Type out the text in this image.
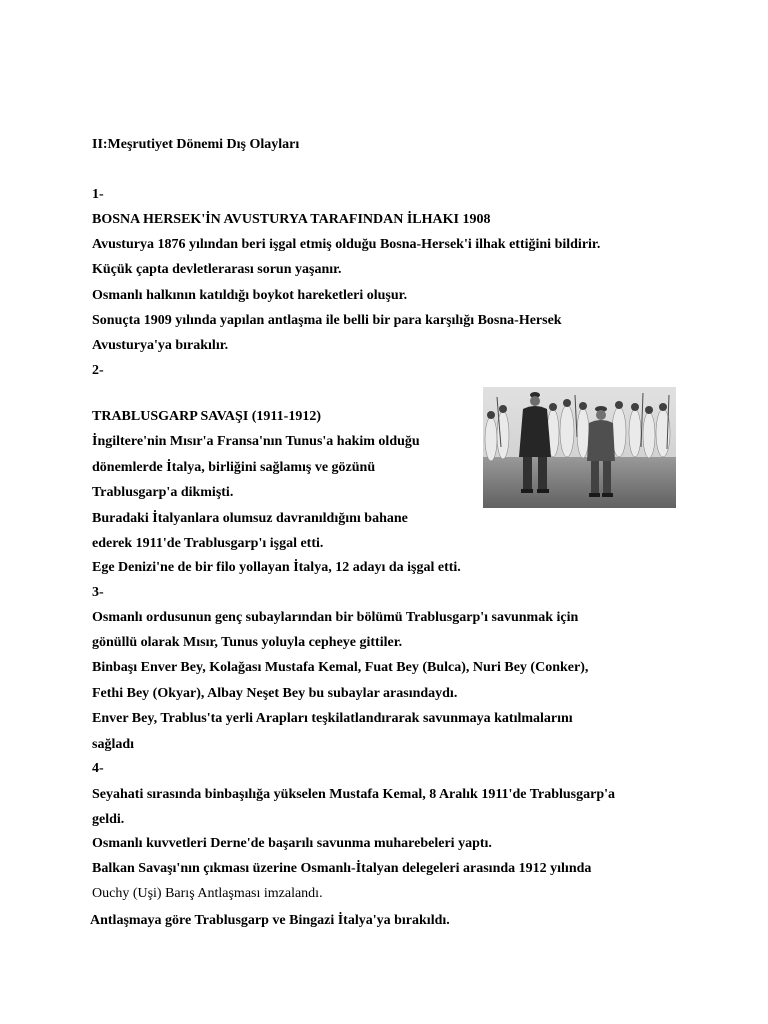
II:Meşrutiyet Dönemi Dış Olayları
1-
BOSNA HERSEK'İN AVUSTURYA TARAFINDAN İLHAKI 1908
Avusturya 1876 yılından beri işgal etmiş olduğu Bosna-Hersek'i ilhak ettiğini bildirir.
Küçük çapta devletlerarası sorun yaşanır.
Osmanlı halkının katıldığı boykot hareketleri oluşur.
Sonuçta 1909 yılında yapılan antlaşma ile belli bir para karşılığı Bosna-Hersek
Avusturya'ya bırakılır.
2-
TRABLUSGARP SAVAŞI (1911-1912)
İngiltere'nin Mısır'a Fransa'nın Tunus'a hakim olduğu
dönemlerde İtalya, birliğini sağlamış ve gözünü
Trablusgarp'a dikmişti.
Buradaki İtalyanlara olumsuz davranıldığını bahane
ederek 1911'de Trablusgarp'ı işgal etti.
Ege Denizi'ne de bir filo yollayan İtalya, 12 adayı da işgal etti.
3-
Osmanlı ordusunun genç subaylarından bir bölümü Trablusgarp'ı savunmak için
gönüllü olarak Mısır, Tunus yoluyla cepheye gittiler.
Binbaşı Enver Bey, Kolağası Mustafa Kemal, Fuat Bey (Bulca), Nuri Bey (Conker),
Fethi Bey (Okyar), Albay Neşet Bey bu subaylar arasındaydı.
Enver Bey, Trablus'ta yerli Arapları teşkilatlandırarak savunmaya katılmalarını
sağladı
4-
Seyahati sırasında binbaşılığa yükselen Mustafa Kemal, 8 Aralık 1911'de Trablusgarp'a
geldi.
Osmanlı kuvvetleri Derne'de başarılı savunma muharebeleri yaptı.
Balkan Savaşı'nın çıkması üzerine Osmanlı-İtalyan delegeleri arasında 1912 yılında
Ouchy (Uşi) Barış Antlaşması imzalandı.
Antlaşmaya göre Trablusgarp ve Bingazi İtalya'ya bırakıldı.
